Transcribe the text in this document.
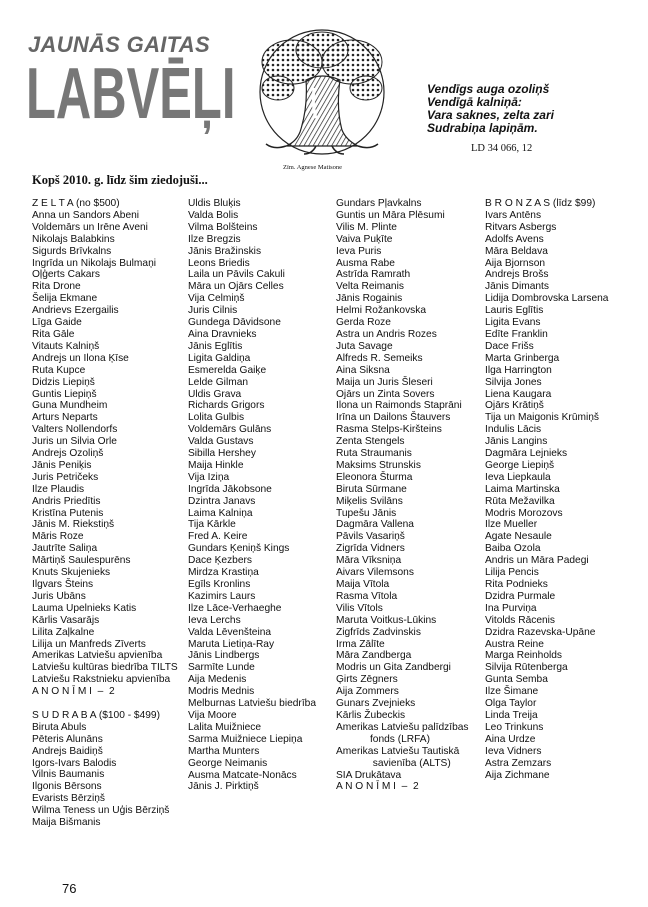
JAUNĀS GAITAS
LABVĒĻI
Zīm. Agnese Matisone
Vendīgs auga ozoliņš
Vendīgā kalniņā:
Vara saknes, zelta zari
Sudrabiņa lapiņām.
LD 34 066, 12
Kopš 2010. g. līdz šim ziedojuši...
Z E L T A (no $500)
Anna un Sandors Abeni
Voldemārs un Irēne Aveni
Nikolajs Balabkins
Sigurds Brīvkalns
Ingrīda un Nikolajs Bulmaņi
Oļģerts Cakars
Rita Drone
Šelija Ekmane
Andrievs Ezergailis
Līga Gaide
Rita Gāle
Vitauts Kalniņš
Andrejs un Ilona Ķīse
Ruta Kupce
Didzis Liepiņš
Guntis Liepiņš
Guna Mundheim
Arturs Neparts
Valters Nollendorfs
Juris un Silvia Orle
Andrejs Ozoliņš
Jānis Peniķis
Juris Petričeks
Ilze Plaudis
Andris Priedītis
Kristīna Putenis
Jānis M. Riekstiņš
Māris Roze
Jautrīte Saliņa
Mārtiņš Saulespurēns
Knuts Skujenieks
Ilgvars Šteins
Juris Ubāns
Lauma Upelnieks Katis
Kārlis Vasarājs
Lilita Zaļkalne
Lilija un Manfreds Zīverts
Amerikas Latviešu apvienība
Latviešu kultūras biedrība TILTS
Latviešu Rakstnieku apvienība
A N O N Ī M I  –  2
S U D R A B A ($100 - $499)
Biruta Abuls
Pēteris Alunāns
Andrejs Baidiņš
Igors-Ivars Balodis
Vilnis Baumanis
Ilgonis Bērsons
Evarists Bērziņš
Wilma Teness un Uģis Bērziņš
Maija Bišmanis
Uldis Bluķis
Valda Bolis
Vilma Bolšteins
Ilze Bregzis
Jānis Bražinskis
Leons Briedis
Laila un Pāvils Cakuli
Māra un Ojārs Celles
Vija Celmiņš
Juris Cilnis
Gundega Dāvidsone
Aina Dravnieks
Jānis Eglītis
Ligita Galdiņa
Esmerelda Gaiķe
Lelde Gilman
Uldis Grava
Richards Grigors
Lolita Gulbis
Voldemārs Gulāns
Valda Gustavs
Sibilla Hershey
Maija Hinkle
Vija Iziņa
Ingrīda Jākobsone
Dzintra Janavs
Laima Kalniņa
Tija Kārkle
Fred A. Keire
Gundars Ķeniņš Kings
Dace Ķezbers
Mirdza Krastiņa
Egīls Kronlins
Kazimirs Laurs
Ilze Lāce-Verhaeghe
Ieva Lerchs
Valda Lēvenšteina
Maruta Lietiņa-Ray
Jānis Lindbergs
Sarmīte Lunde
Aija Medenis
Modris Mednis
Melburnas Latviešu biedrība
Vija Moore
Lalita Muižniece
Sarma Muižniece Liepiņa
Martha Munters
George Neimanis
Ausma Matcate-Nonācs
Jānis J. Pirktiņš
Gundars Pļavkalns
Guntis un Māra Plēsumi
Vilis M. Plinte
Vaiva Puķīte
Ieva Puris
Ausma Rabe
Astrīda Ramrath
Velta Reimanis
Jānis Rogainis
Helmi Rožankovska
Gerda Roze
Astra un Andris Rozes
Juta Savage
Alfreds R. Semeiks
Aina Siksna
Maija un Juris Šleseri
Ojārs un Zinta Sovers
Ilona un Raimonds Staprāni
Irīna un Dailons Štauvers
Rasma Stelps-Kiršteins
Zenta Stengels
Ruta Straumanis
Maksims Strunskis
Eleonora Šturma
Biruta Sūrmane
Miķelis Svilāns
Tupešu Jānis
Dagmāra Vallena
Pāvils Vasariņš
Zigrīda Vidners
Māra Vīksniņa
Aivars Vilemsons
Maija Vītola
Rasma Vītola
Vilis Vītols
Maruta Voitkus-Lūkins
Zigfrīds Zadvinskis
Irma Zālīte
Māra Zandberga
Modris un Gita Zandbergi
Ģirts Zēgners
Aija Zommers
Gunars Zvejnieks
Kārlis Žubeckis
Amerikas Latviešu palīdzības
fonds (LRFA)
Amerikas Latviešu Tautiskā
savienība (ALTS)
SIA Drukātava
A N O N Ī M I  –  2
B R O N Z A S (līdz $99)
Ivars Antēns
Ritvars Asbergs
Adolfs Avens
Māra Beldava
Aija Bjornson
Andrejs Brošs
Jānis Dimants
Lidija Dombrovska Larsena
Lauris Eglītis
Ligita Evans
Edīte Franklin
Dace Frišs
Marta Grinberga
Ilga Harrington
Silvija Jones
Liena Kaugara
Ojārs Krātiņš
Tija un Maigonis Krūmiņš
Indulis Lācis
Jānis Langins
Dagmāra Lejnieks
George Liepiņš
Ieva Liepkaula
Laima Martinska
Rūta Mežavilka
Modris Morozovs
Ilze Mueller
Agate Nesaule
Baiba Ozola
Andris un Māra Padegi
Lilija Pencis
Rita Podnieks
Dzidra Purmale
Ina Purviņa
Vitolds Rācenis
Dzidra Razevska-Upāne
Austra Reine
Marga Reinholds
Silvija Rūtenberga
Gunta Semba
Ilze Šimane
Olga Taylor
Linda Treija
Leo Trinkuns
Aina Urdze
Ieva Vidners
Astra Zemzars
Aija Zichmane
76
